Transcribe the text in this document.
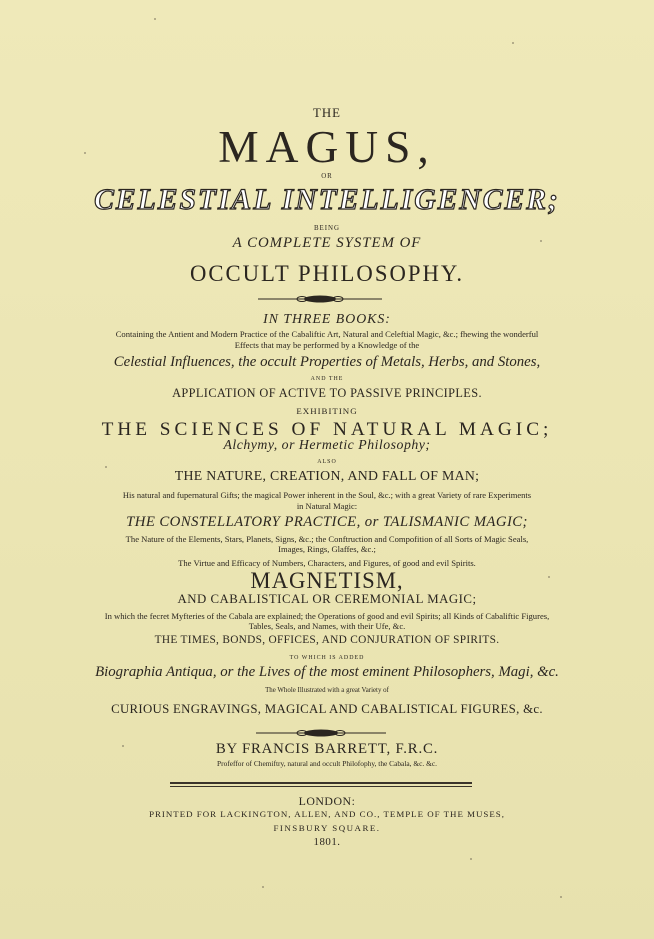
THE
MAGUS,
OR
CELESTIAL INTELLIGENCER;
BEING
A COMPLETE SYSTEM OF
OCCULT PHILOSOPHY.
IN THREE BOOKS:
Containing the Antient and Modern Practice of the Cabaliftic Art, Natural and Celeftial Magic, &c.; fhewing the wonderful
Effects that may be performed by a Knowledge of the
Celestial Influences, the occult Properties of Metals, Herbs, and Stones,
AND THE
APPLICATION OF ACTIVE TO PASSIVE PRINCIPLES.
EXHIBITING
THE SCIENCES OF NATURAL MAGIC;
Alchymy, or Hermetic Philosophy;
ALSO
THE NATURE, CREATION, AND FALL OF MAN;
His natural and fupernatural Gifts; the magical Power inherent in the Soul, &c.; with a great Variety of rare Experiments
in Natural Magic:
THE CONSTELLATORY PRACTICE, or TALISMANIC MAGIC;
The Nature of the Elements, Stars, Planets, Signs, &c.; the Conftruction and Compofition of all Sorts of Magic Seals,
Images, Rings, Glaffes, &c.;
The Virtue and Efficacy of Numbers, Characters, and Figures, of good and evil Spirits.
MAGNETISM,
AND CABALISTICAL OR CEREMONIAL MAGIC;
In which the fecret Myfteries of the Cabala are explained; the Operations of good and evil Spirits; all Kinds of Cabaliftic Figures,
Tables, Seals, and Names, with their Ufe, &c.
THE TIMES, BONDS, OFFICES, AND CONJURATION OF SPIRITS.
TO WHICH IS ADDED
Biographia Antiqua, or the Lives of the most eminent Philosophers, Magi, &c.
The Whole Illustrated with a great Variety of
CURIOUS ENGRAVINGS, MAGICAL AND CABALISTICAL FIGURES, &c.
BY FRANCIS BARRETT, F.R.C.
Profeffor of Chemiftry, natural and occult Philofophy, the Cabala, &c. &c.
LONDON:
PRINTED FOR LACKINGTON, ALLEN, AND CO., TEMPLE OF THE MUSES,
FINSBURY SQUARE.
1801.
